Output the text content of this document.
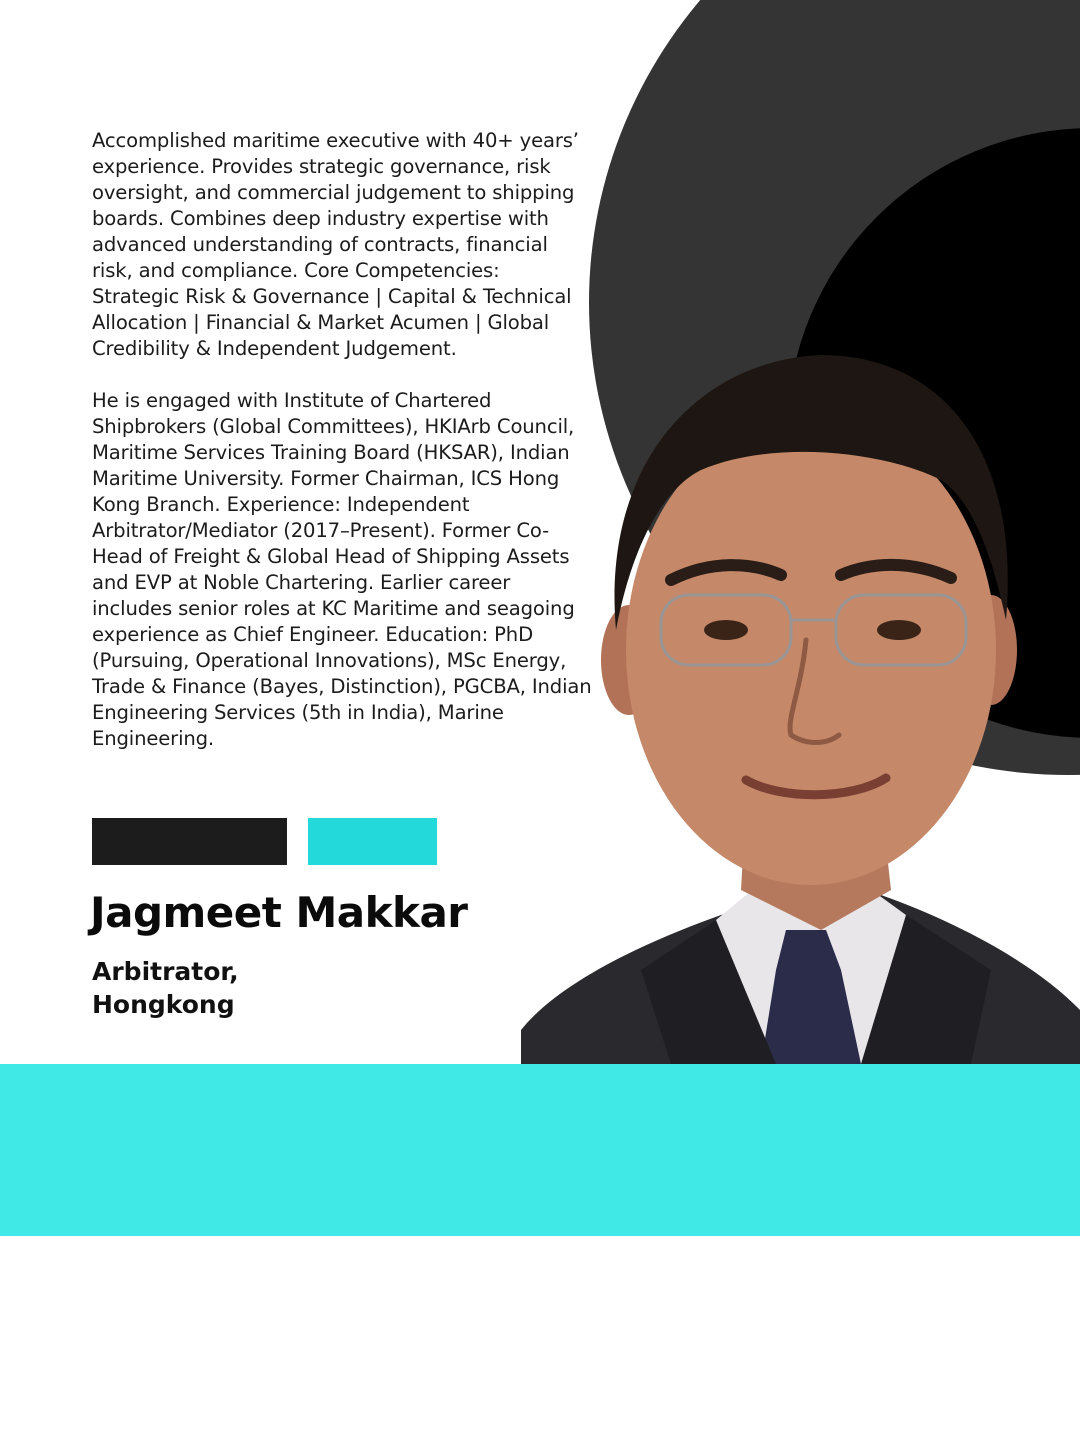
Accomplished maritime executive with 40+ years’ experience. Provides strategic governance, risk oversight, and commercial judgement to shipping boards. Combines deep industry expertise with advanced understanding of contracts, financial risk, and compliance. Core Competencies: Strategic Risk & Governance | Capital & Technical Allocation | Financial & Market Acumen | Global Credibility & Independent Judgement.

He is engaged with Institute of Chartered Shipbrokers (Global Committees), HKIArb Council, Maritime Services Training Board (HKSAR), Indian Maritime University. Former Chairman, ICS Hong Kong Branch. Experience: Independent Arbitrator/Mediator (2017–Present). Former Co-Head of Freight & Global Head of Shipping Assets and EVP at Noble Chartering. Earlier career includes senior roles at KC Maritime and seagoing experience as Chief Engineer. Education: PhD (Pursuing, Operational Innovations), MSc Energy, Trade & Finance (Bayes, Distinction), PGCBA, Indian Engineering Services (5th in India), Marine Engineering.

Jagmeet Makkar
Arbitrator,
Hongkong
